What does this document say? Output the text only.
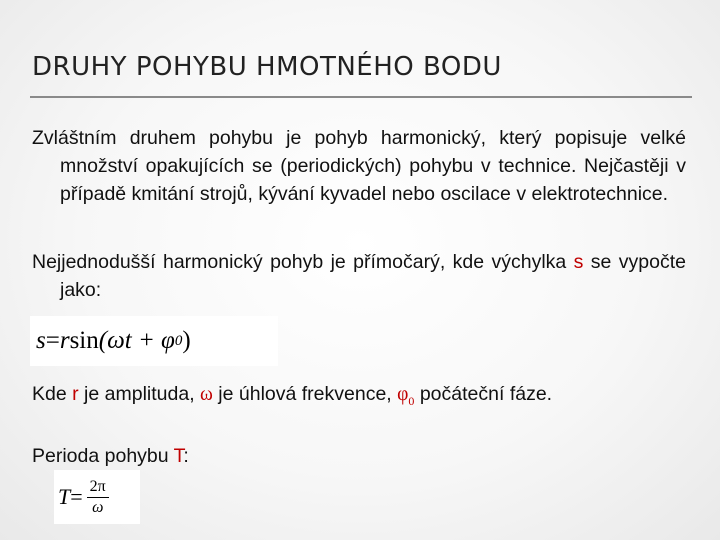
DRUHY POHYBU HMOTNÉHO BODU
Zvláštním druhem pohybu je pohyb harmonický, který popisuje velké množství opakujících se (periodických) pohybu v technice. Nejčastěji v případě kmitání strojů, kývání kyvadel nebo oscilace v elektrotechnice.
Nejjednodušší harmonický pohyb je přímočarý, kde výchylka s se vypočte jako:
s = r sin (ωt + φ 0 )
Kde r je amplituda, ω je úhlová frekvence, $\varphi_0$ počáteční fáze.
Perioda pohybu T:
$T = \frac{2\pi}{\omega}$
